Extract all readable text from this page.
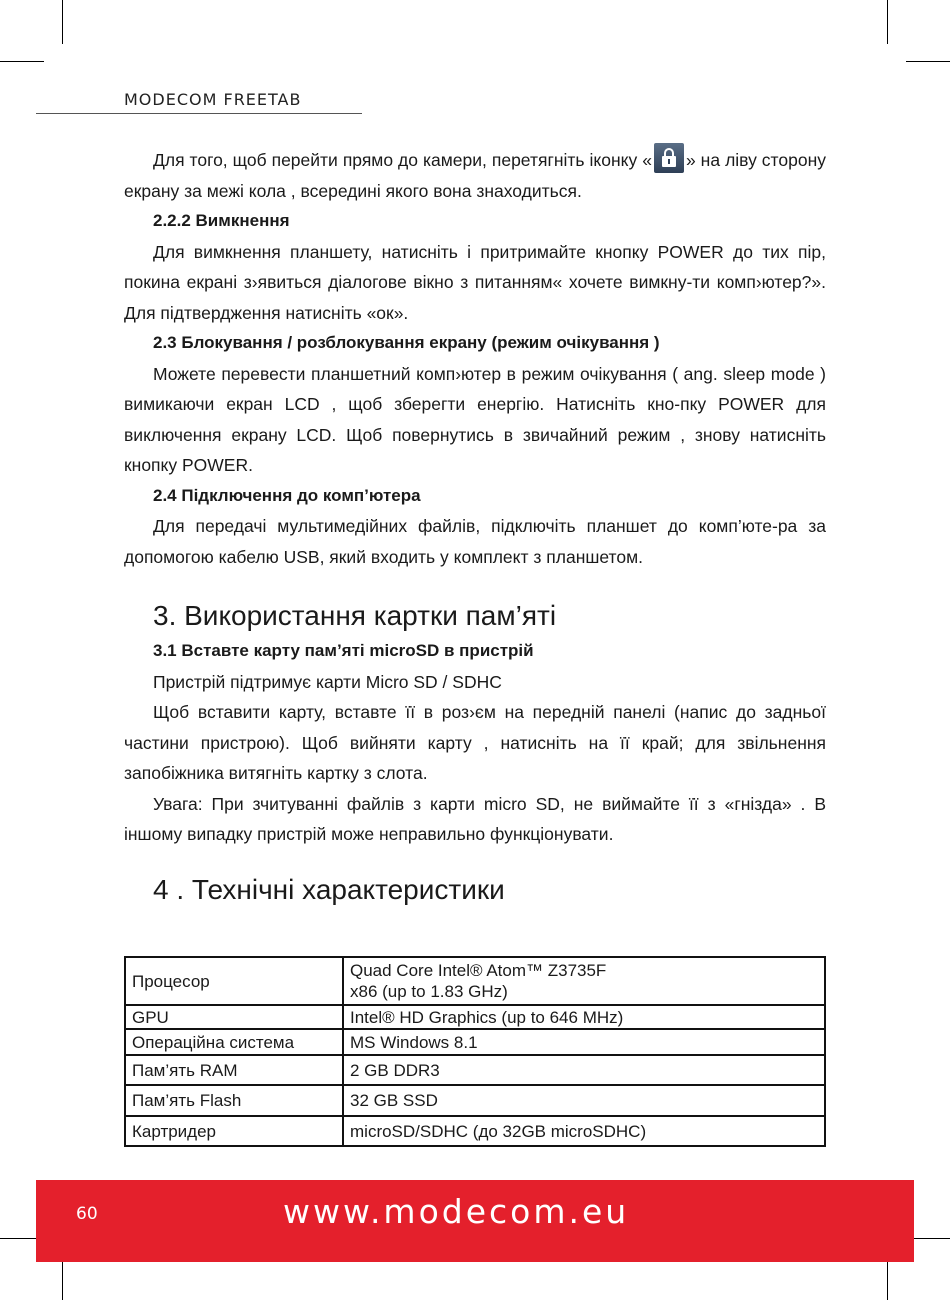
MODECOM FREETAB

Для того, щоб перейти прямо до камери, перетягніть іконку « » на ліву сторону екрану за межі кола , всередині якого вона знаходиться.

2.2.2 Вимкнення

Для вимкнення планшету, натисніть і притримайте кнопку POWER до тих пір, покина екрані з›явиться діалогове вікно з питанням« хочете вимкну-ти комп›ютер?». Для підтвердження натисніть «ок».

2.3 Блокування / розблокування екрану (режим очікування )

Можете перевести планшетний комп›ютер в режим очікування ( ang. sleep mode ) вимикаючи екран LCD , щоб зберегти енергію. Натисніть кно-пку POWER для виключення екрану LCD. Щоб повернутись в звичайний режим , знову натисніть кнопку POWER.

2.4 Підключення до комп’ютера

Для передачі мультимедійних файлів, підключіть планшет до комп’юте-ра за допомогою кабелю USB, який входить у комплект з планшетом.

3. Використання картки пам’яті
3.1 Вставте карту пам’яті microSD в пристрій

Пристрій підтримує карти Micro SD / SDHC

Щоб вставити карту, вставте її в роз›єм на передній панелі (напис до задньої частини пристрою). Щоб вийняти карту , натисніть на її край; для звільнення запобіжника витягніть картку з слота.

Увага: При зчитуванні файлів з карти micro SD, не виймайте її з «гнізда» . В іншому випадку пристрій може неправильно функціонувати.

4 . Технічні характеристики
Процесор	Quad Core Intel® Atom™ Z3735F
x86 (up to 1.83 GHz)

GPU	Intel® HD Graphics (up to 646 MHz)
Операційна система	MS Windows 8.1
Пам’ять RAM	2 GB DDR3
Пам’ять Flash	32 GB SSD
Картридер	microSD/SDHC (до 32GB microSDHC)
60	www.modecom.eu
